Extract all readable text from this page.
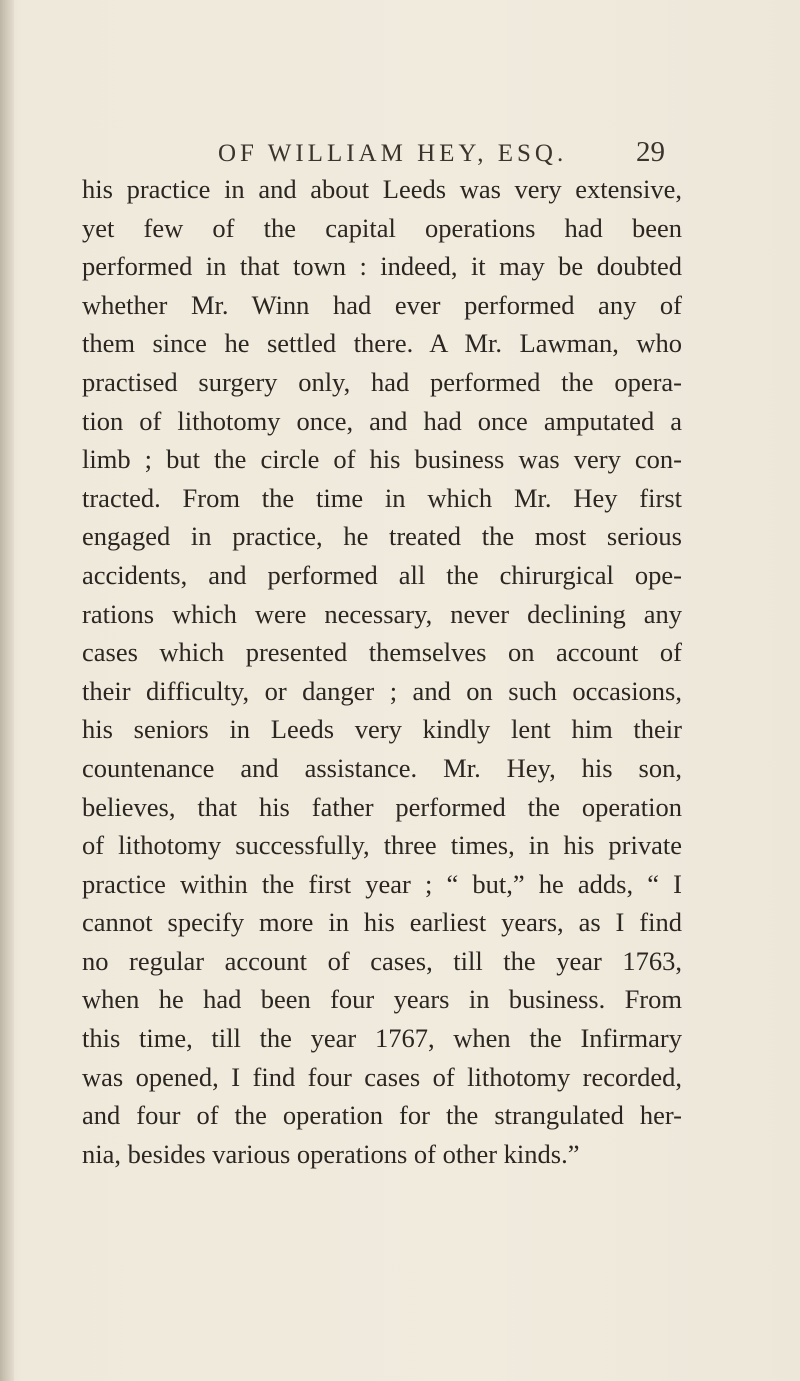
OF WILLIAM HEY, ESQ. 29
his practice in and about Leeds was very extensive,
yet few of the capital operations had been
performed in that town : indeed, it may be doubted
whether Mr. Winn had ever performed any of
them since he settled there. A Mr. Lawman, who
practised surgery only, had performed the opera-
tion of lithotomy once, and had once amputated a
limb ; but the circle of his business was very con-
tracted. From the time in which Mr. Hey first
engaged in practice, he treated the most serious
accidents, and performed all the chirurgical ope-
rations which were necessary, never declining any
cases which presented themselves on account of
their difficulty, or danger ; and on such occasions,
his seniors in Leeds very kindly lent him their
countenance and assistance. Mr. Hey, his son,
believes, that his father performed the operation
of lithotomy successfully, three times, in his private
practice within the first year ; “ but,” he adds, “ I
cannot specify more in his earliest years, as I find
no regular account of cases, till the year 1763,
when he had been four years in business. From
this time, till the year 1767, when the Infirmary
was opened, I find four cases of lithotomy recorded,
and four of the operation for the strangulated her-
nia, besides various operations of other kinds.”
